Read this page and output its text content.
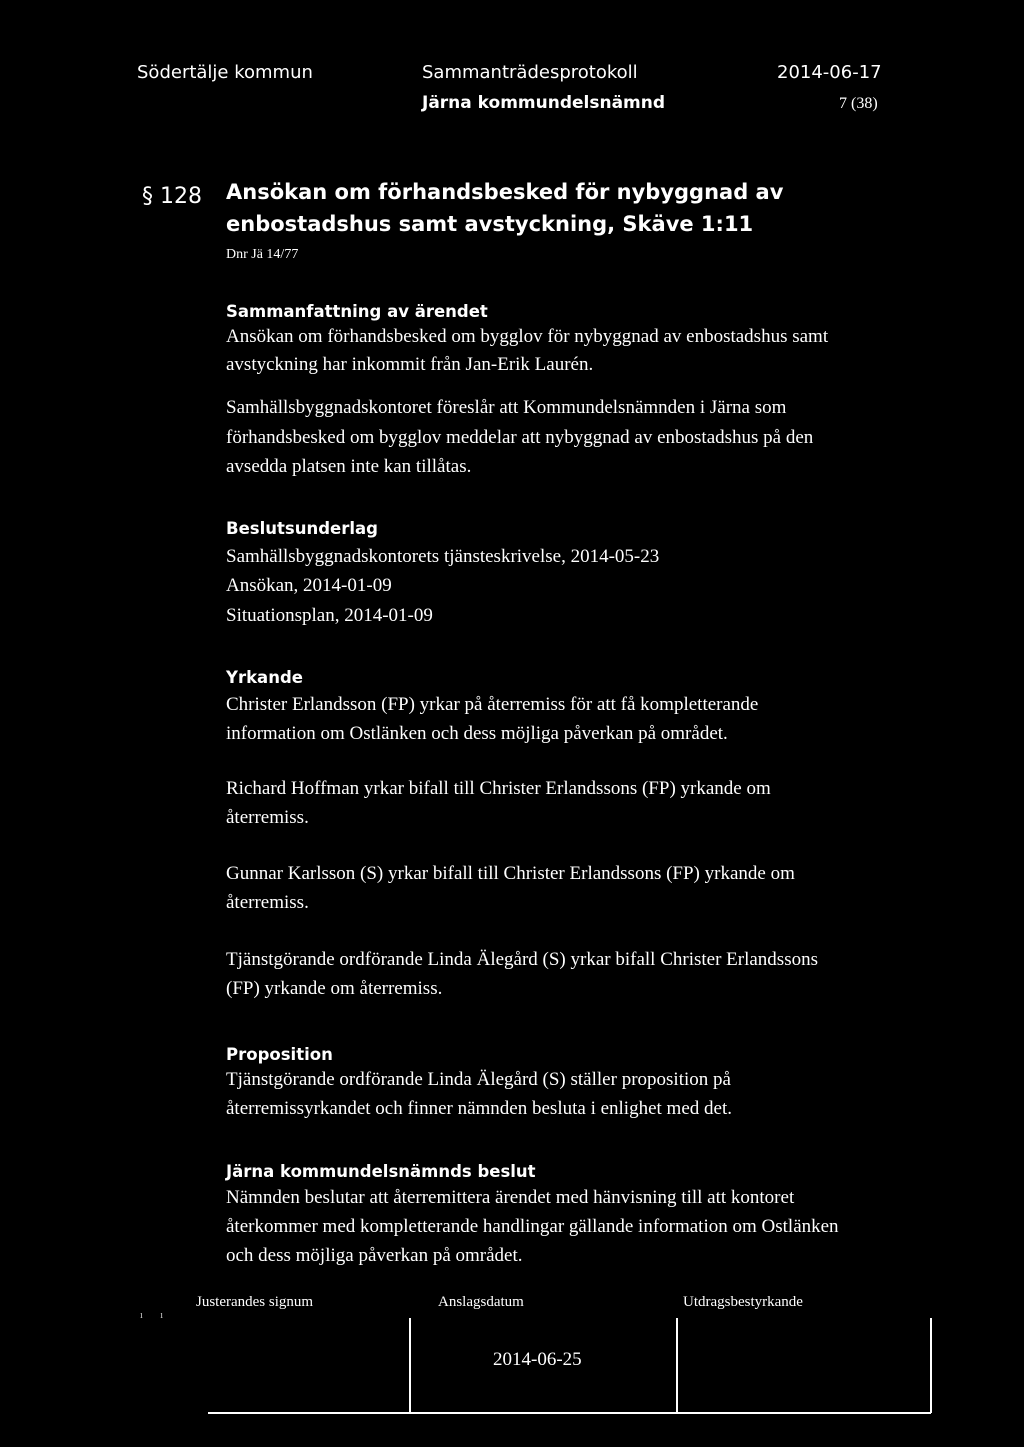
Södertälje kommun	Sammanträdesprotokoll	2014-06-17
Järna kommundelsnämnd	7 (38)
§ 128 Ansökan om förhandsbesked för nybyggnad av
enbostadshus samt avstyckning, Skäve 1:11
Dnr Jä 14/77
Sammanfattning av ärendet
Ansökan om förhandsbesked om bygglov för nybyggnad av enbostadshus samt
avstyckning har inkommit från Jan-Erik Laurén.
Samhällsbyggnadskontoret föreslår att Kommundelsnämnden i Järna som
förhandsbesked om bygglov meddelar att nybyggnad av enbostadshus på den
avsedda platsen inte kan tillåtas.
Beslutsunderlag
Samhällsbyggnadskontorets tjänsteskrivelse, 2014-05-23
Ansökan, 2014-01-09
Situationsplan, 2014-01-09
Yrkande
Christer Erlandsson (FP) yrkar på återremiss för att få kompletterande
information om Ostlänken och dess möjliga påverkan på området.
Richard Hoffman yrkar bifall till Christer Erlandssons (FP) yrkande om
återremiss.
Gunnar Karlsson (S) yrkar bifall till Christer Erlandssons (FP) yrkande om
återremiss.
Tjänstgörande ordförande Linda Älegård (S) yrkar bifall Christer Erlandssons
(FP) yrkande om återremiss.
Proposition
Tjänstgörande ordförande Linda Älegård (S) ställer proposition på
återremissyrkandet och finner nämnden besluta i enlighet med det.
Järna kommundelsnämnds beslut
Nämnden beslutar att återremittera ärendet med hänvisning till att kontoret
återkommer med kompletterande handlingar gällande information om Ostlänken
och dess möjliga påverkan på området.
ı       ı
Justerandes signum	Anslagsdatum	Utdragsbestyrkande
2014-06-25
